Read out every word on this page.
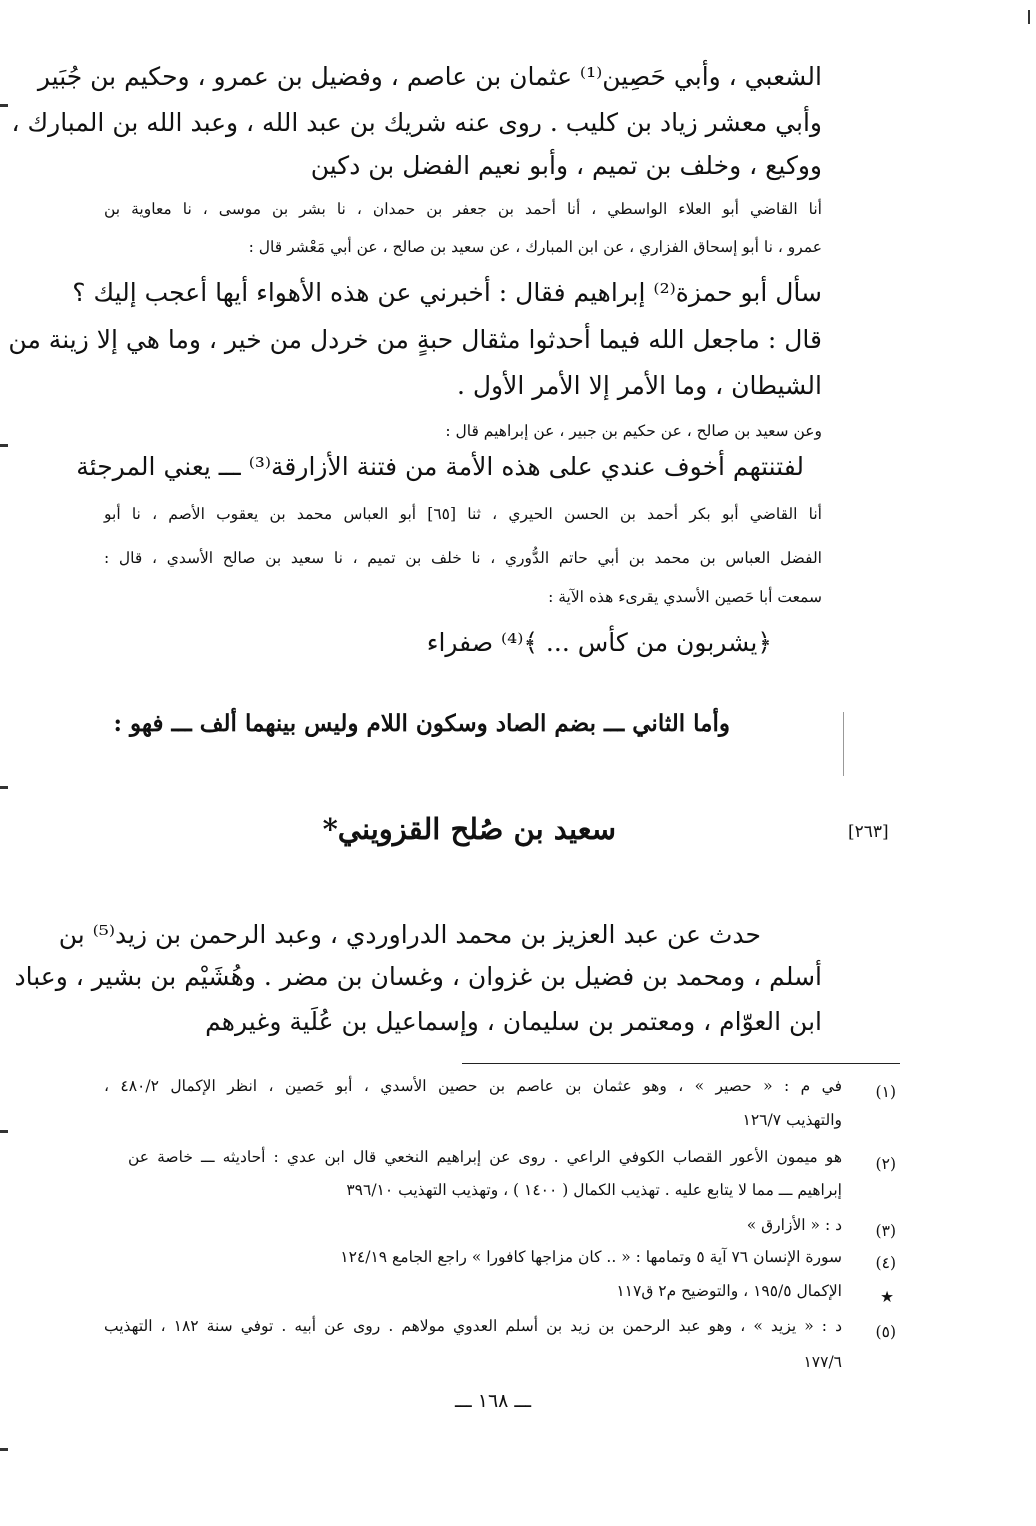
الشعبي ، وأبي حَصِين⁽¹⁾ عثمان بن عاصم ، وفضيل بن عمرو ، وحكيم بن جُبَير
وأبي معشر زياد بن كليب . روى عنه شريك بن عبد الله ، وعبد الله بن المبارك ،
ووكيع ، وخلف بن تميم ، وأبو نعيم الفضل بن دكين
أنا القاضي أبو العلاء الواسطي ، أنا أحمد بن جعفر بن حمدان ، نا بشر بن موسى ، نا معاوية بن
عمرو ، نا أبو إسحاق الفزاري ، عن ابن المبارك ، عن سعيد بن صالح ، عن أبي مَعْشر قال :
سأل أبو حمزة⁽²⁾ إبراهيم فقال : أخبرني عن هذه الأهواء أيها أعجب إليك ؟
قال : ماجعل الله فيما أحدثوا مثقال حبةٍ من خردل من خير ، وما هي إلا زينة من
الشيطان ، وما الأمر إلا الأمر الأول .
وعن سعيد بن صالح ، عن حكيم بن جبير ، عن إبراهيم قال :
لفتنتهم أخوف عندي على هذه الأمة من فتنة الأزارقة⁽³⁾ ـــ يعني المرجئة
أنا القاضي أبو بكر أحمد بن الحسن الحيري ، ثنا [٦٥] أبو العباس محمد بن يعقوب الأصم ، نا أبو
الفضل العباس بن محمد بن أبي حاتم الدُّوري ، نا خلف بن تميم ، نا سعيد بن صالح الأسدي ، قال :
سمعت أبا حَصين الأسدي يقرىء هذه الآية :
﴿يشربون من كأس ... ﴾⁽⁴⁾ صفراء
وأما الثاني ـــ بضم الصاد وسكون اللام وليس بينهما ألف ـــ فهو :
[٢٦٣]
سعيد بن صُلح القزويني*
حدث عن عبد العزيز بن محمد الدراوردي ، وعبد الرحمن بن زيد⁽⁵⁾ بن
أسلم ، ومحمد بن فضيل بن غزوان ، وغسان بن مضر . وهُشَيْم بن بشير ، وعباد
ابن العوّام ، ومعتمر بن سليمان ، وإسماعيل بن عُلَية وغيرهم
(١)
في م : « حصير » ، وهو عثمان بن عاصم بن حصين الأسدي ، أبو حَصين ، انظر الإكمال ٤٨٠/٢ ،
والتهذيب ١٢٦/٧
(٢)
هو ميمون الأعور القصاب الكوفي الراعي . روى عن إبراهيم النخعي قال ابن عدي : أحاديثه ـــ خاصة عن
إبراهيم ـــ مما لا يتابع عليه . تهذيب الكمال ( ١٤٠٠ ) ، وتهذيب التهذيب ٣٩٦/١٠
(٣)
د : « الأزارق »
(٤)
سورة الإنسان ٧٦ آية ٥ وتمامها : « .. كان مزاجها كافورا » راجع الجامع ١٢٤/١٩
★
الإكمال ١٩٥/٥ ، والتوضيح م٢ ق١١٧
(٥)
د : « يزيد » ، وهو عبد الرحمن بن زيد بن أسلم العدوي مولاهم . روى عن أبيه . توفي سنة ١٨٢ ، التهذيب
١٧٧/٦
ـــ ١٦٨ ـــ
